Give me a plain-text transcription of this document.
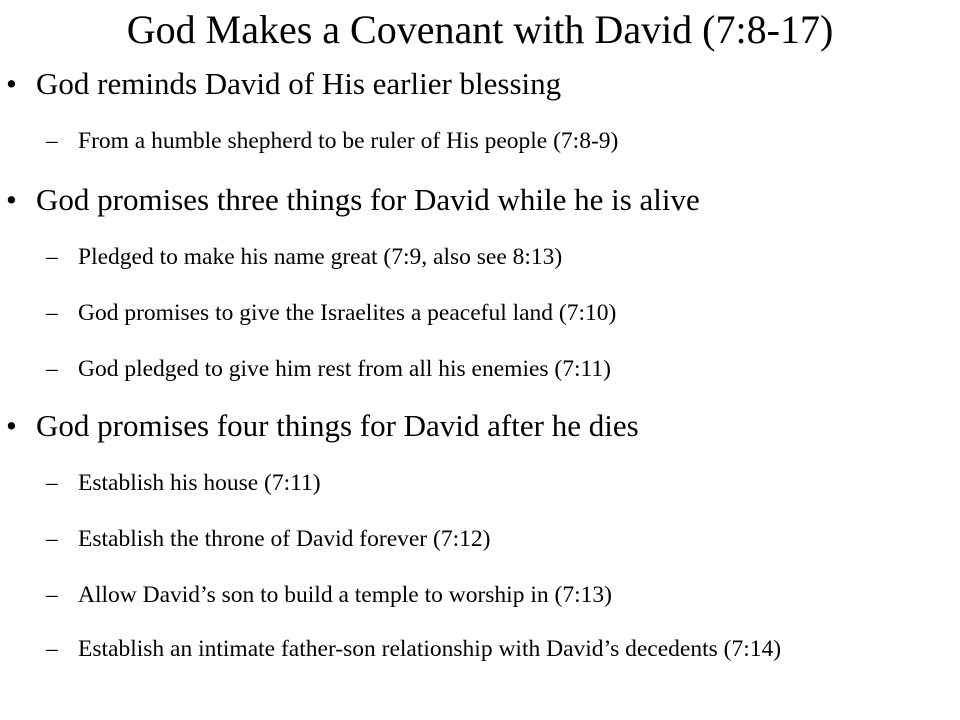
God Makes a Covenant with David (7:8-17)
• God reminds David of His earlier blessing
– From a humble shepherd to be ruler of His people (7:8-9)
• God promises three things for David while he is alive
– Pledged to make his name great (7:9, also see 8:13)
– God promises to give the Israelites a peaceful land (7:10)
– God pledged to give him rest from all his enemies (7:11)
• God promises four things for David after he dies
– Establish his house (7:11)
– Establish the throne of David forever (7:12)
– Allow David’s son to build a temple to worship in (7:13)
– Establish an intimate father-son relationship with David’s decedents (7:14)
